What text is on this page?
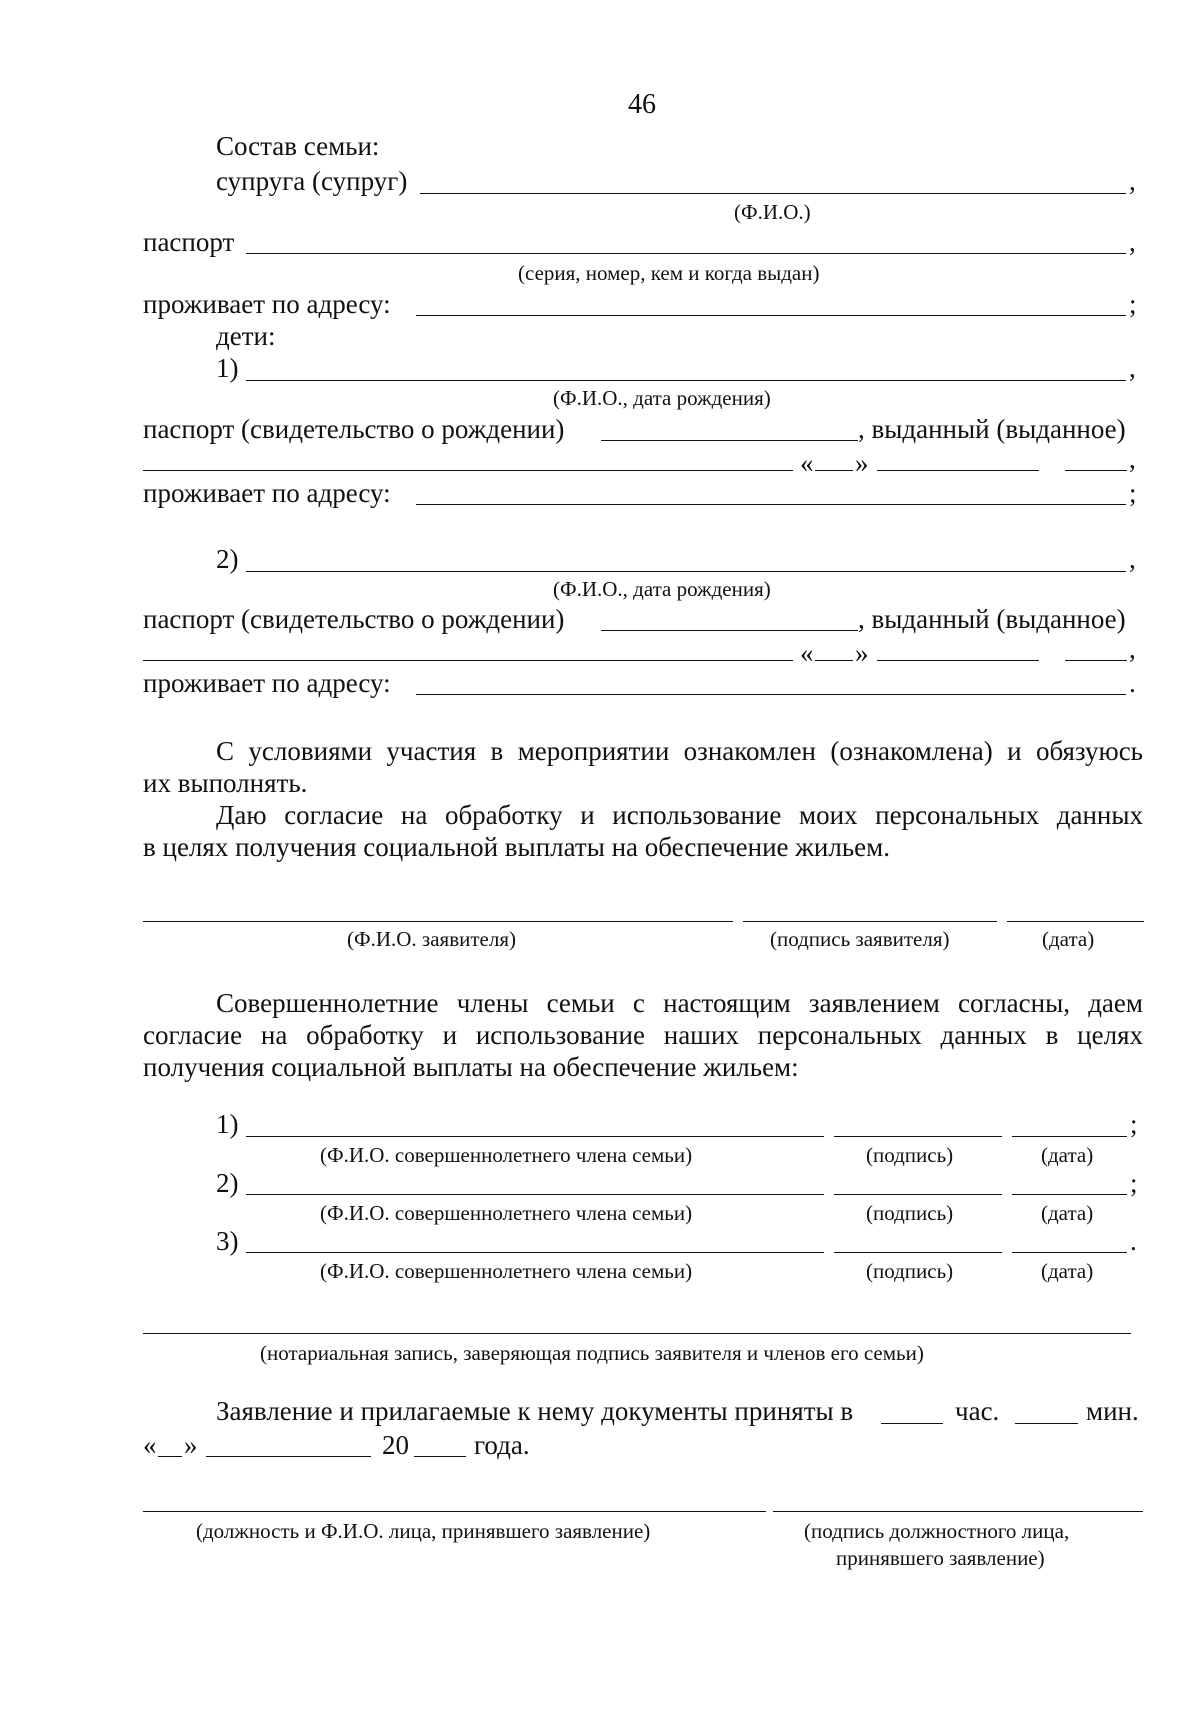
46
Состав семьи:
супруга (супруг)	,
(Ф.И.О.)
паспорт	,
(серия, номер, кем и когда выдан)
проживает по адресу:	;
дети:
1)	,
(Ф.И.О., дата рождения)
паспорт (свидетельство о рождении)	, выданный (выданное)
« »	,
проживает по адресу:	;
2)	,
(Ф.И.О., дата рождения)
паспорт (свидетельство о рождении)	, выданный (выданное)
« »	,
проживает по адресу:	.
С условиями участия в мероприятии ознакомлен (ознакомлена) и обязуюсь
их выполнять.
Даю согласие на обработку и использование моих персональных данных
в целях получения социальной выплаты на обеспечение жильем.
(Ф.И.О. заявителя)	(подпись заявителя)	(дата)
Совершеннолетние члены семьи с настоящим заявлением согласны, даем
согласие на обработку и использование наших персональных данных в целях
получения социальной выплаты на обеспечение жильем:
1)	;
(Ф.И.О. совершеннолетнего члена семьи)	(подпись)	(дата)
2)	;
(Ф.И.О. совершеннолетнего члена семьи)	(подпись)	(дата)
3)	.
(Ф.И.О. совершеннолетнего члена семьи)	(подпись)	(дата)
(нотариальная запись, заверяющая подпись заявителя и членов его семьи)
Заявление и прилагаемые к нему документы приняты в	час.	мин.
« »	20 года.
(должность и Ф.И.О. лица, принявшего заявление)	(подпись должностного лица,
принявшего заявление)
